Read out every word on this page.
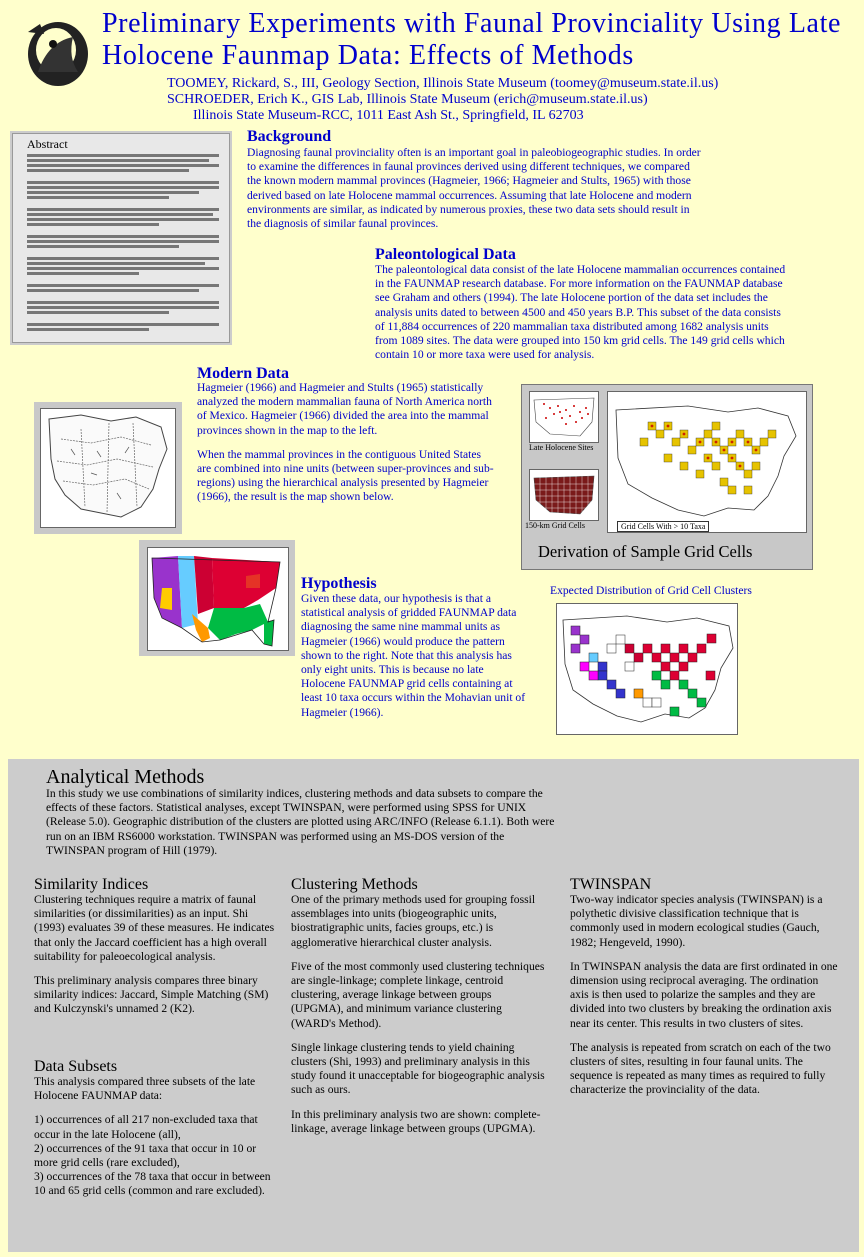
Preliminary Experiments with Faunal Provinciality Using Late Holocene Faunmap Data: Effects of Methods
TOOMEY, Rickard, S., III, Geology Section, Illinois State Museum (toomey@museum.state.il.us)
SCHROEDER, Erich K., GIS Lab, Illinois State Museum (erich@museum.state.il.us)
Illinois State Museum-RCC, 1011 East Ash St., Springfield, IL 62703
Abstract	Background
Diagnosing faunal provinciality often is an important goal in paleobiogeographic studies. In order to examine the differences in faunal provinces derived using different techniques, we compared the known modern mammal provinces (Hagmeier, 1966; Hagmeier and Stults, 1965) with those derived based on late Holocene mammal occurrences. Assuming that late Holocene and modern environments are similar, as indicated by numerous proxies, these two data sets should result in the diagnosis of similar faunal provinces.
Paleontological Data
The paleontological data consist of the late Holocene mammalian occurrences contained in the FAUNMAP research database. For more information on the FAUNMAP database see Graham and others (1994). The late Holocene portion of the data set includes the analysis units dated to between 4500 and 450 years B.P. This subset of the data consists of 11,884 occurrences of 220 mammalian taxa distributed among 1682 analysis units from 1089 sites. The data were grouped into 150 km grid cells. The 149 grid cells which contain 10 or more taxa were used for analysis.
Modern Data

Hagmeier (1966) and Hagmeier and Stults (1965) statistically analyzed the modern mammalian fauna of North America north of Mexico. Hagmeier (1966) divided the area into the mammal provinces shown in the map to the left.

When the mammal provinces in the contiguous United States are combined into nine units (between super-provinces and sub-regions) using the hierarchical analysis presented by Hagmeier (1966), the result is the map shown below.

Late Holocene Sites
150-km Grid Cells	Grid Cells With > 10 Taxa
Derivation of Sample Grid Cells
Hypothesis
Given these data, our hypothesis is that a statistical analysis of gridded FAUNMAP data diagnosing the same nine mammal units as Hagmeier (1966) would produce the pattern shown to the right. Note that this analysis has only eight units. This is because no late Holocene FAUNMAP grid cells containing at least 10 taxa occurs within the Mohavian unit of Hagmeier (1966).
Expected Distribution of Grid Cell Clusters
Analytical Methods
In this study we use combinations of similarity indices, clustering methods and data subsets to compare the effects of these factors. Statistical analyses, except TWINSPAN, were performed using SPSS for UNIX (Release 5.0). Geographic distribution of the clusters are plotted using ARC/INFO (Release 6.1.1). Both were run on an IBM RS6000 workstation. TWINSPAN was performed using an MS-DOS version of the TWINSPAN program of Hill (1979).
Similarity Indices

Clustering techniques require a matrix of faunal similarities (or dissimilarities) as an input. Shi (1993) evaluates 39 of these measures. He indicates that only the Jaccard coefficient has a high overall suitability for paleoecological analysis.

This preliminary analysis compares three binary similarity indices: Jaccard, Simple Matching (SM) and Kulczynski's unnamed 2 (K2).

Data Subsets

This analysis compared three subsets of the late Holocene FAUNMAP data:

1) occurrences of all 217 non-excluded taxa that occur in the late Holocene (all),
2) occurrences of the 91 taxa that occur in 10 or more grid cells (rare excluded),
3) occurrences of the 78 taxa that occur in between 10 and 65 grid cells (common and rare excluded).
Clustering Methods

One of the primary methods used for grouping fossil assemblages into units (biogeographic units, biostratigraphic units, facies groups, etc.) is agglomerative hierarchical cluster analysis.

Five of the most commonly used clustering techniques are single-linkage; complete linkage, centroid clustering, average linkage between groups (UPGMA), and minimum variance clustering (WARD's Method).

Single linkage clustering tends to yield chaining clusters (Shi, 1993) and preliminary analysis in this study found it unacceptable for biogeographic analysis such as ours.

In this preliminary analysis two are shown: complete-linkage, average linkage between groups (UPGMA).

TWINSPAN

Two-way indicator species analysis (TWINSPAN) is a polythetic divisive classification technique that is commonly used in modern ecological studies (Gauch, 1982; Hengeveld, 1990).

In TWINSPAN analysis the data are first ordinated in one dimension using reciprocal averaging. The ordination axis is then used to polarize the samples and they are divided into two clusters by breaking the ordination axis near its center. This results in two clusters of sites.

The analysis is repeated from scratch on each of the two clusters of sites, resulting in four faunal units. The sequence is repeated as many times as required to fully characterize the provinciality of the data.
